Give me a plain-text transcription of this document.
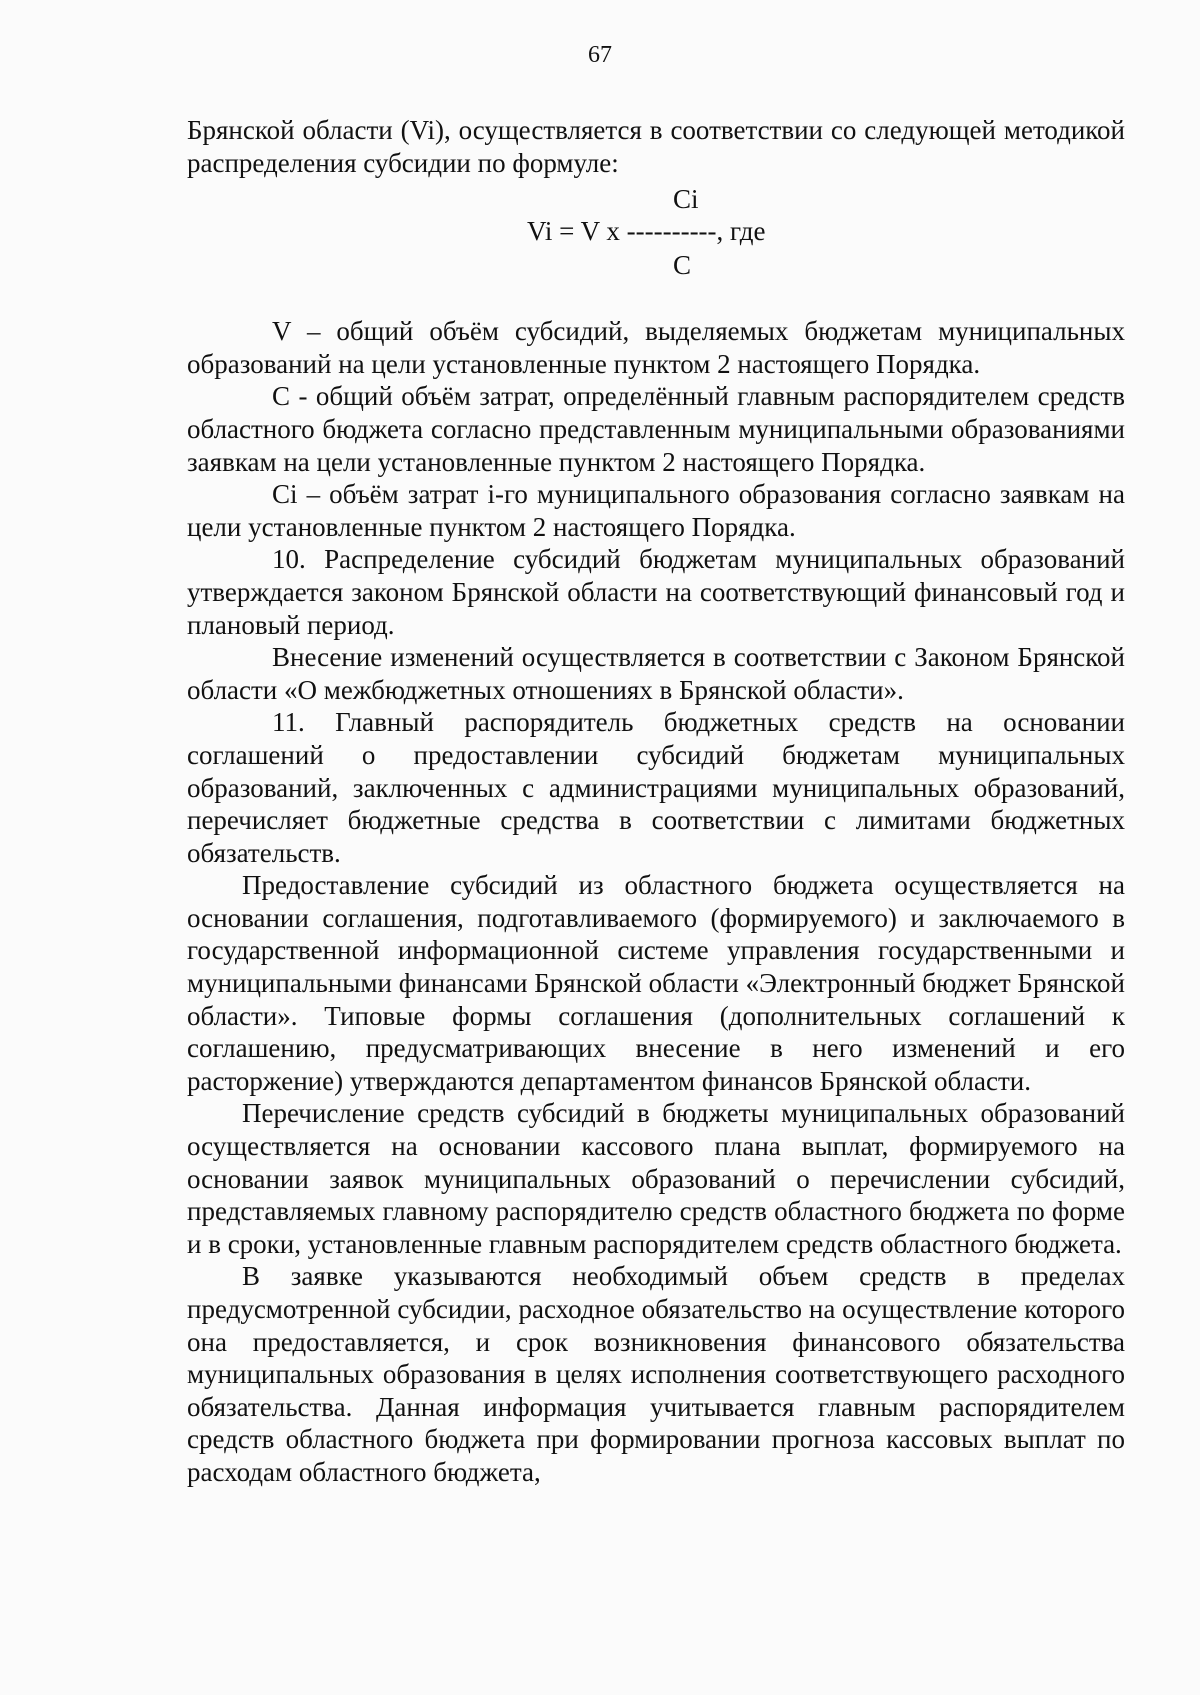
67

Брянской области (Vi), осуществляется в соответствии со следующей методикой распределения субсидии по формуле:

Ci
Vi = V x ----------, где
C

V – общий объём субсидий, выделяемых бюджетам муниципальных образований на цели установленные пунктом 2 настоящего Порядка.

С - общий объём затрат, определённый главным распорядителем средств областного бюджета согласно представленным муниципальными образованиями заявкам на цели установленные пунктом 2 настоящего Порядка.

Ci – объём затрат i-го муниципального образования согласно заявкам на цели установленные пунктом 2 настоящего Порядка.

10. Распределение субсидий бюджетам муниципальных образований утверждается законом Брянской области на соответствующий финансовый год и плановый период.

Внесение изменений осуществляется в соответствии с Законом Брянской области «О межбюджетных отношениях в Брянской области».

11. Главный распорядитель бюджетных средств на основании соглашений о предоставлении субсидий бюджетам муниципальных образований, заключенных с администрациями муниципальных образований, перечисляет бюджетные средства в соответствии с лимитами бюджетных обязательств.

Предоставление субсидий из областного бюджета осуществляется на основании соглашения, подготавливаемого (формируемого) и заключаемого в государственной информационной системе управления государственными и муниципальными финансами Брянской области «Электронный бюджет Брянской области». Типовые формы соглашения (дополнительных соглашений к соглашению, предусматривающих внесение в него изменений и его расторжение) утверждаются департаментом финансов Брянской области.

Перечисление средств субсидий в бюджеты муниципальных образований осуществляется на основании кассового плана выплат, формируемого на основании заявок муниципальных образований о перечислении субсидий, представляемых главному распорядителю средств областного бюджета по форме и в сроки, установленные главным распорядителем средств областного бюджета.

В заявке указываются необходимый объем средств в пределах предусмотренной субсидии, расходное обязательство на осуществление которого она предоставляется, и срок возникновения финансового обязательства муниципальных образования в целях исполнения соответствующего расходного обязательства. Данная информация учитывается главным распорядителем средств областного бюджета при формировании прогноза кассовых выплат по расходам областного бюджета,
